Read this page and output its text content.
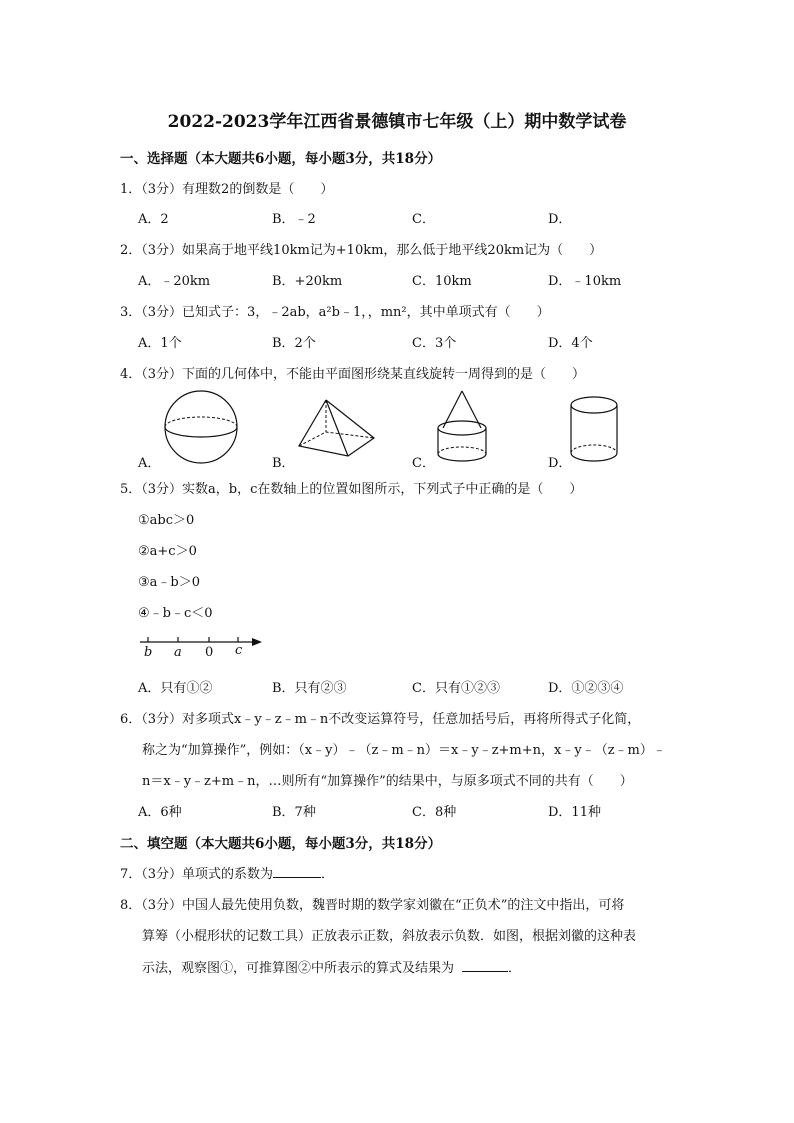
2022-2023学年江西省景德镇市七年级（上）期中数学试卷
一、选择题（本大题共6小题，每小题3分，共18分）
1．（3分）有理数2的倒数是（　　）
A．2	B．﹣2	C．	D．
2．（3分）如果高于地平线10km记为+10km，那么低于地平线20km记为（　　）
A．﹣20km	B．+20km	C．10km	D．﹣10km
3．（3分）已知式子：3，﹣2ab，a²b﹣1，，mn²，其中单项式有（　　）
A．1个	B．2个	C．3个	D．4个
4．（3分）下面的几何体中，不能由平面图形绕某直线旋转一周得到的是（　　）
A．	B．	C．	D．
5．（3分）实数a，b，c在数轴上的位置如图所示，下列式子中正确的是（　　）
①abc＞0
②a+c＞0
③a﹣b＞0
④﹣b﹣c＜0
b a 0 c
A．只有①②	B．只有②③	C．只有①②③	D．①②③④
6．（3分）对多项式x﹣y﹣z﹣m﹣n不改变运算符号，任意加括号后，再将所得式子化简，
称之为“加算操作”，例如：（x﹣y）﹣（z﹣m﹣n）＝x﹣y﹣z+m+n，x﹣y﹣（z﹣m）﹣
n＝x﹣y﹣z+m﹣n，…则所有“加算操作”的结果中，与原多项式不同的共有（　　）
A．6种	B．7种	C．8种	D．11种
二、填空题（本大题共6小题，每小题3分，共18分）
7．（3分）单项式的系数为	．
8．（3分）中国人最先使用负数，魏晋时期的数学家刘徽在“正负术”的注文中指出，可将
算筹（小棍形状的记数工具）正放表示正数，斜放表示负数．如图，根据刘徽的这种表
示法，观察图①，可推算图②中所表示的算式及结果为	．
